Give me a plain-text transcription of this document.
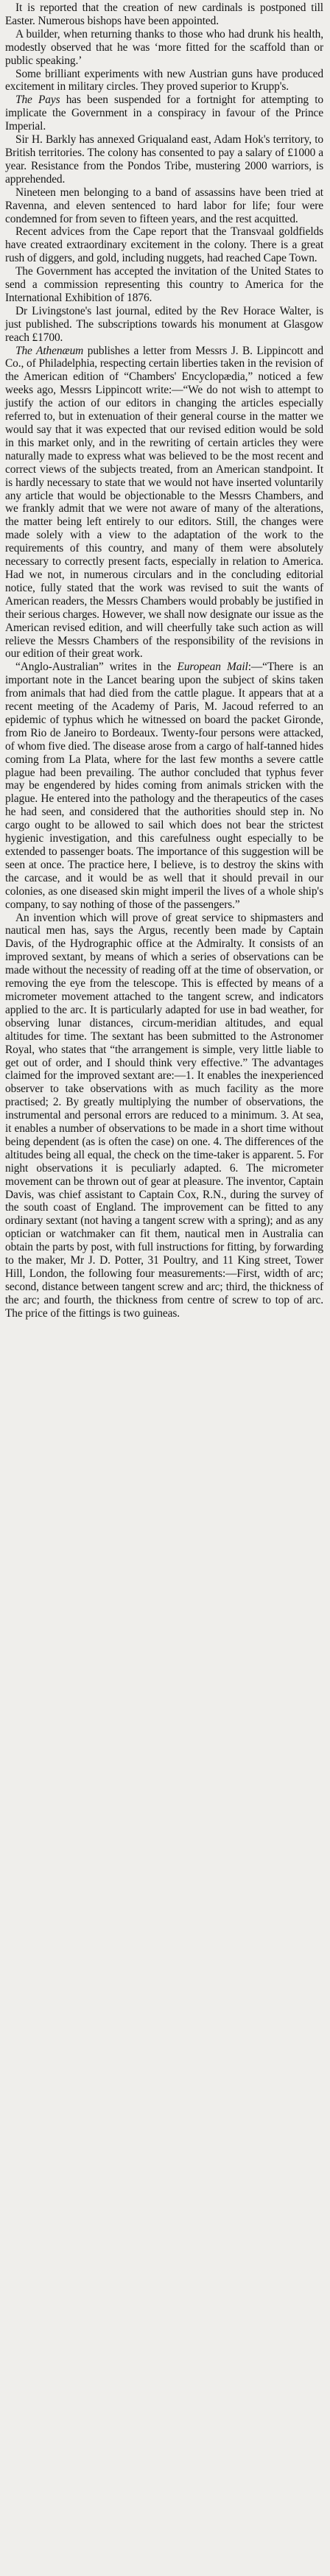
It is reported that the creation of new cardinals is postponed till Easter. Numerous bishops have been appointed.

A builder, when returning thanks to those who had drunk his health, modestly observed that he was ‘more fitted for the scaffold than or public speaking.’

Some brilliant experiments with new Austrian guns have produced excitement in military circles. They proved superior to Krupp's.

The Pays has been suspended for a fortnight for attempting to implicate the Government in a conspiracy in favour of the Prince Imperial.

Sir H. Barkly has annexed Griqualand east, Adam Hok's territory, to British territories. The colony has consented to pay a salary of £1000 a year. Resistance from the Pondos Tribe, mustering 2000 warriors, is apprehended.

Nineteen men belonging to a band of assassins have been tried at Ravenna, and eleven sentenced to hard labor for life; four were condemned for from seven to fifteen years, and the rest acquitted.

Recent advices from the Cape report that the Transvaal goldfields have created extraordinary excitement in the colony. There is a great rush of diggers, and gold, including nuggets, had reached Cape Town.

The Government has accepted the invitation of the United States to send a commission representing this country to America for the International Exhibition of 1876.

Dr Livingstone's last journal, edited by the Rev Horace Walter, is just published. The subscriptions towards his monument at Glasgow reach £1700.

The Athenæum publishes a letter from Messrs J. B. Lippincott and Co., of Philadelphia, respecting certain liberties taken in the revision of the American edition of “Chambers' Encyclopædia,” noticed a few weeks ago, Messrs Lippincott write:—“We do not wish to attempt to justify the action of our editors in changing the articles especially referred to, but in extenuation of their general course in the matter we would say that it was expected that our revised edition would be sold in this market only, and in the rewriting of certain articles they were naturally made to express what was believed to be the most recent and correct views of the subjects treated, from an American standpoint. It is hardly necessary to state that we would not have inserted voluntarily any article that would be objectionable to the Messrs Chambers, and we frankly admit that we were not aware of many of the alterations, the matter being left entirely to our editors. Still, the changes were made solely with a view to the adaptation of the work to the requirements of this country, and many of them were absolutely necessary to correctly present facts, especially in relation to America. Had we not, in numerous circulars and in the concluding editorial notice, fully stated that the work was revised to suit the wants of American readers, the Messrs Chambers would probably be justified in their serious charges. However, we shall now designate our issue as the American revised edition, and will cheerfully take such action as will relieve the Messrs Chambers of the responsibility of the revisions in our edition of their great work.

“Anglo-Australian” writes in the European Mail:—“There is an important note in the Lancet bearing upon the subject of skins taken from animals that had died from the cattle plague. It appears that at a recent meeting of the Academy of Paris, M. Jacoud referred to an epidemic of typhus which he witnessed on board the packet Gironde, from Rio de Janeiro to Bordeaux. Twenty-four persons were attacked, of whom five died. The disease arose from a cargo of half-tanned hides coming from La Plata, where for the last few months a severe cattle plague had been prevailing. The author concluded that typhus fever may be engendered by hides coming from animals stricken with the plague. He entered into the pathology and the therapeutics of the cases he had seen, and considered that the authorities should step in. No cargo ought to be allowed to sail which does not bear the strictest hygienic investigation, and this carefulness ought especially to be extended to passenger boats. The importance of this suggestion will be seen at once. The practice here, I believe, is to destroy the skins with the carcase, and it would be as well that it should prevail in our colonies, as one diseased skin might imperil the lives of a whole ship's company, to say nothing of those of the passengers.”

An invention which will prove of great service to shipmasters and nautical men has, says the Argus, recently been made by Captain Davis, of the Hydrographic office at the Admiralty. It consists of an improved sextant, by means of which a series of observations can be made without the necessity of reading off at the time of observation, or removing the eye from the telescope. This is effected by means of a micrometer movement attached to the tangent screw, and indicators applied to the arc. It is particularly adapted for use in bad weather, for observing lunar distances, circum-meridian altitudes, and equal altitudes for time. The sextant has been submitted to the Astronomer Royal, who states that “the arrangement is simple, very little liable to get out of order, and I should think very effective.” The advantages claimed for the improved sextant are:—1. It enables the inexperienced observer to take observations with as much facility as the more practised; 2. By greatly multiplying the number of observations, the instrumental and personal errors are reduced to a minimum. 3. At sea, it enables a number of observations to be made in a short time without being dependent (as is often the case) on one. 4. The differences of the altitudes being all equal, the check on the time-taker is apparent. 5. For night observations it is peculiarly adapted. 6. The micrometer movement can be thrown out of gear at pleasure. The inventor, Captain Davis, was chief assistant to Captain Cox, R.N., during the survey of the south coast of England. The improvement can be fitted to any ordinary sextant (not having a tangent screw with a spring); and as any optician or watchmaker can fit them, nautical men in Australia can obtain the parts by post, with full instructions for fitting, by forwarding to the maker, Mr J. D. Potter, 31 Poultry, and 11 King street, Tower Hill, London, the following four measurements:—First, width of arc; second, distance between tangent screw and arc; third, the thickness of the arc; and fourth, the thickness from centre of screw to top of arc. The price of the fittings is two guineas.
